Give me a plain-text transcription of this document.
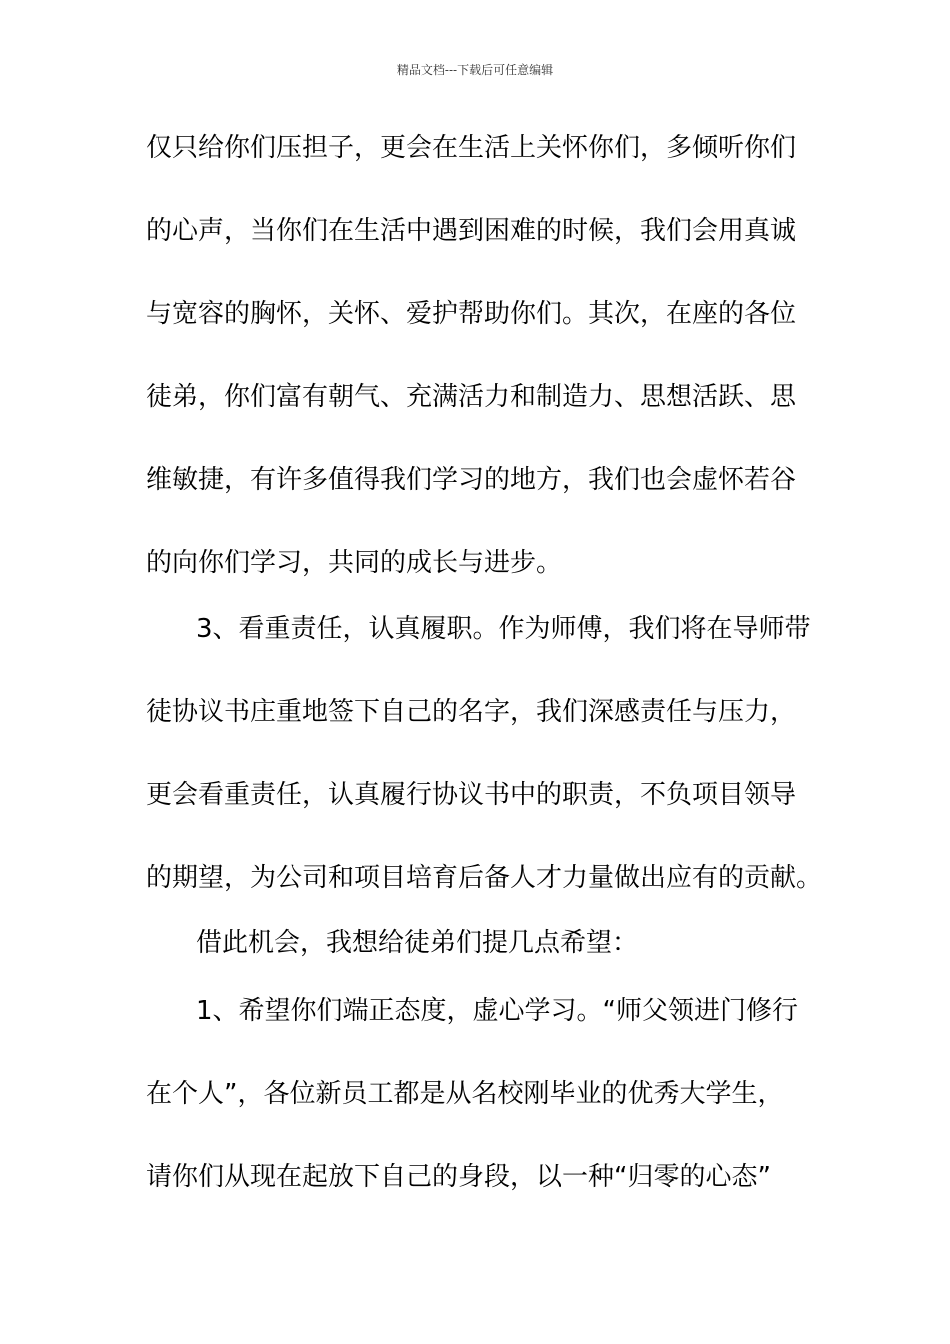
精品文档---下载后可任意编辑

仅只给你们压担子，更会在生活上关怀你们，多倾听你们

的心声，当你们在生活中遇到困难的时候，我们会用真诚

与宽容的胸怀，关怀、爱护帮助你们。其次，在座的各位

徒弟，你们富有朝气、充满活力和制造力、思想活跃、思

维敏捷，有许多值得我们学习的地方，我们也会虚怀若谷

的向你们学习，共同的成长与进步。

3、看重责任，认真履职。作为师傅，我们将在导师带

徒协议书庄重地签下自己的名字，我们深感责任与压力，

更会看重责任，认真履行协议书中的职责，不负项目领导

的期望，为公司和项目培育后备人才力量做出应有的贡献。

借此机会，我想给徒弟们提几点希望：

1、希望你们端正态度，虚心学习。“师父领进门修行

在个人”，各位新员工都是从名校刚毕业的优秀大学生，

请你们从现在起放下自己的身段，以一种“归零的心态”
